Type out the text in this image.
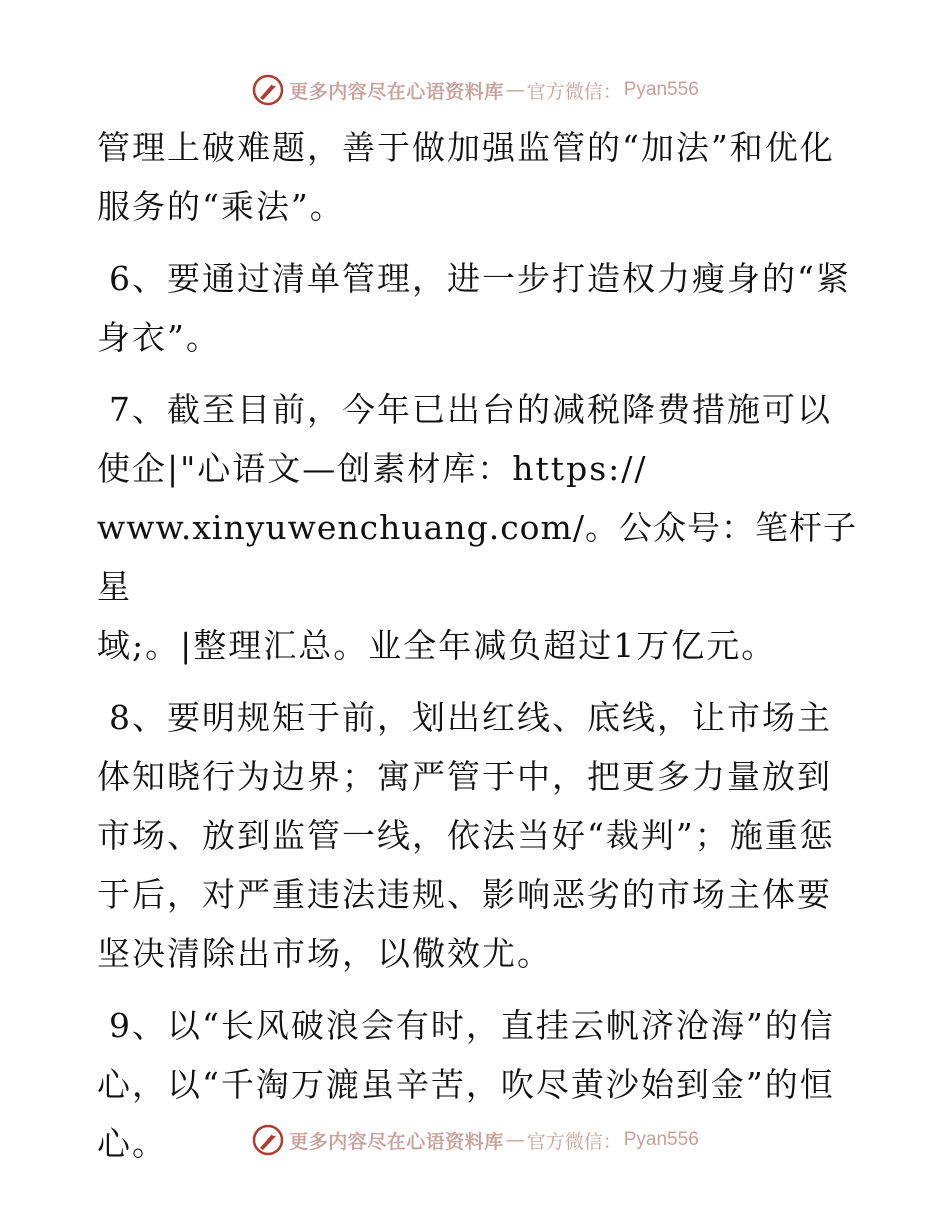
更多内容尽在心语资料库 — 官方微信： Pyan556

管理上破难题，善于做加强监管的“加法”和优化服务的“乘法”。

6、要通过清单管理，进一步打造权力瘦身的“紧身衣”。

7、截至目前，今年已出台的减税降费措施可以使企|"心语文—创素材库：https://
www.xinyuwenchuang.com/。公众号：笔杆子星
域;。|整理汇总。业全年减负超过1万亿元。

8、要明规矩于前，划出红线、底线，让市场主体知晓行为边界；寓严管于中，把更多力量放到市场、放到监管一线，依法当好“裁判”；施重惩于后，对严重违法违规、影响恶劣的市场主体要坚决清除出市场，以儆效尤。

9、以“长风破浪会有时，直挂云帆济沧海”的信心，以“千淘万漉虽辛苦，吹尽黄沙始到金”的恒心。	更多内容尽在心语资料库 — 官方微信： Pyan556
